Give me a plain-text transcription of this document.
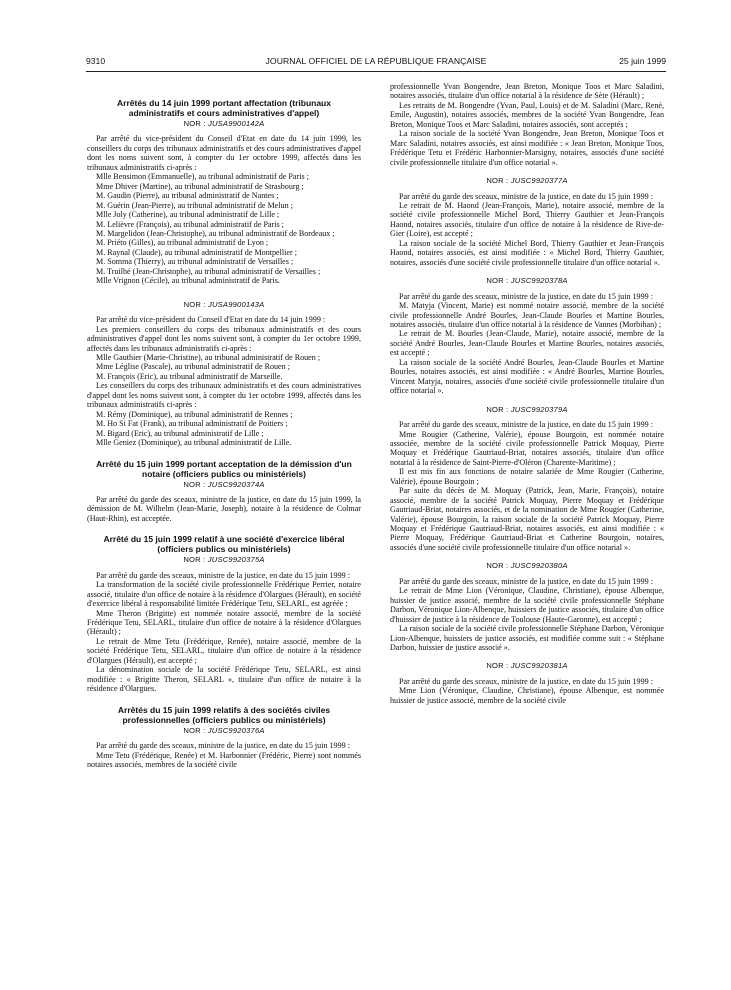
9310	JOURNAL OFFICIEL DE LA RÉPUBLIQUE FRANÇAISE	25 juin 1999
Arrêtés du 14 juin 1999 portant affectation (tribunaux administratifs et cours administratives d'appel)
NOR : JUSA9900142A

Par arrêté du vice-président du Conseil d'Etat en date du 14 juin 1999, les conseillers du corps des tribunaux administratifs et des cours administratives d'appel dont les noms suivent sont, à compter du 1er octobre 1999, affectés dans les tribunaux administratifs ci-après :

Mlle Bensimon (Emmanuelle), au tribunal administratif de Paris ;

Mme Dhiver (Martine), au tribunal administratif de Strasbourg ;

M. Gaudin (Pierre), au tribunal administratif de Nantes ;

M. Guérin (Jean-Pierre), au tribunal administratif de Melun ;

Mlle Joly (Catherine), au tribunal administratif de Lille ;

M. Lelièvre (François), au tribunal administratif de Paris ;

M. Margelidon (Jean-Christophe), au tribunal administratif de Bordeaux ;

M. Priéto (Gilles), au tribunal administratif de Lyon ;

M. Raynal (Claude), au tribunal administratif de Montpellier ;

M. Somma (Thierry), au tribunal administratif de Versailles ;

M. Truilhé (Jean-Christophe), au tribunal administratif de Versailles ;

Mlle Vrignon (Cécile), au tribunal administratif de Paris.

NOR : JUSA9900143A

Par arrêté du vice-président du Conseil d'Etat en date du 14 juin 1999 :

Les premiers conseillers du corps des tribunaux administratifs et des cours administratives d'appel dont les noms suivent sont, à compter du 1er octobre 1999, affectés dans les tribunaux administratifs ci-après :

Mlle Gauthier (Marie-Christine), au tribunal administratif de Rouen ;

Mme Léglise (Pascale), au tribunal administratif de Rouen ;

M. François (Eric), au tribunal administratif de Marseille.

Les conseillers du corps des tribunaux administratifs et des cours administratives d'appel dont les noms suivent sont, à compter du 1er octobre 1999, affectés dans les tribunaux administratifs ci-après :

M. Rémy (Dominique), au tribunal administratif de Rennes ;

M. Ho Si Fat (Frank), au tribunal administratif de Poitiers ;

M. Bigard (Eric), au tribunal administratif de Lille ;

Mlle Geniez (Dominique), au tribunal administratif de Lille.

Arrêté du 15 juin 1999 portant acceptation de la démission d'un notaire (officiers publics ou ministériels)
NOR : JUSC9920374A

Par arrêté du garde des sceaux, ministre de la justice, en date du 15 juin 1999, la démission de M. Wilhelm (Jean-Marie, Joseph), notaire à la résidence de Colmar (Haut-Rhin), est acceptée.

Arrêté du 15 juin 1999 relatif à une société d'exercice libéral (officiers publics ou ministériels)
NOR : JUSC9920375A

Par arrêté du garde des sceaux, ministre de la justice, en date du 15 juin 1999 :

La transformation de la société civile professionnelle Frédérique Perrier, notaire associé, titulaire d'un office de notaire à la résidence d'Olargues (Hérault), en société d'exercice libéral à responsabilité limitée Frédérique Tetu, SELARL, est agréée ;

Mme Theron (Brigitte) est nommée notaire associé, membre de la société Frédérique Tetu, SELARL, titulaire d'un office de notaire à la résidence d'Olargues (Hérault) ;

Le retrait de Mme Tetu (Frédérique, Renée), notaire associé, membre de la société Frédérique Tetu, SELARL, titulaire d'un office de notaire à la résidence d'Olargues (Hérault), est accepté ;

La dénomination sociale de la société Frédérique Tetu, SELARL, est ainsi modifiée : « Brigitte Theron, SELARL », titulaire d'un office de notaire à la résidence d'Olargues.

Arrêtés du 15 juin 1999 relatifs à des sociétés civiles professionnelles (officiers publics ou ministériels)
NOR : JUSC9920376A

Par arrêté du garde des sceaux, ministre de la justice, en date du 15 juin 1999 :

Mme Tetu (Frédérique, Renée) et M. Harbonnier (Frédéric, Pierre) sont nommés notaires associés, membres de la société civile

professionnelle Yvan Bongendre, Jean Breton, Monique Toos et Marc Saladini, notaires associés, titulaire d'un office notarial à la résidence de Sète (Hérault) ;

Les retraits de M. Bongendre (Yvan, Paul, Louis) et de M. Saladini (Marc, René, Emile, Augustin), notaires associés, membres de la société Yvan Bongendre, Jean Breton, Monique Toos et Marc Saladini, notaires associés, sont acceptés ;

La raison sociale de la société Yvan Bongendre, Jean Breton, Monique Toos et Marc Saladini, notaires associés, est ainsi modifiée : « Jean Breton, Monique Toos, Frédérique Tetu et Frédéric Harbonnier-Marsigny, notaires, associés d'une société civile professionnelle titulaire d'un office notarial ».

NOR : JUSC9920377A

Par arrêté du garde des sceaux, ministre de la justice, en date du 15 juin 1999 :

Le retrait de M. Haond (Jean-François, Marie), notaire associé, membre de la société civile professionnelle Michel Bord, Thierry Gauthier et Jean-François Haond, notaires associés, titulaire d'un office de notaire à la résidence de Rive-de-Gier (Loire), est accepté ;

La raison sociale de la société Michel Bord, Thierry Gauthier et Jean-François Haond, notaires associés, est ainsi modifiée : « Michel Bord, Thierry Gauthier, notaires, associés d'une société civile professionnelle titulaire d'un office notarial ».

NOR : JUSC9920378A

Par arrêté du garde des sceaux, ministre de la justice, en date du 15 juin 1999 :

M. Matyja (Vincent, Marie) est nommé notaire associé, membre de la société civile professionnelle André Bourles, Jean-Claude Bourles et Martine Bourles, notaires associés, titulaire d'un office notarial à la résidence de Vannes (Morbihan) ;

Le retrait de M. Bourles (Jean-Claude, Marie), notaire associé, membre de la société André Bourles, Jean-Claude Bourles et Martine Bourles, notaires associés, est accepté ;

La raison sociale de la société André Bourles, Jean-Claude Bourles et Martine Bourles, notaires associés, est ainsi modifiée : « André Bourles, Martine Bourles, Vincent Matyja, notaires, associés d'une société civile professionnelle titulaire d'un office notarial ».

NOR : JUSC9920379A

Par arrêté du garde des sceaux, ministre de la justice, en date du 15 juin 1999 :

Mme Rougier (Catherine, Valérie), épouse Bourgoin, est nommée notaire associée, membre de la société civile professionnelle Patrick Moquay, Pierre Moquay et Frédérique Gautriaud-Briat, notaires associés, titulaire d'un office notarial à la résidence de Saint-Pierre-d'Oléron (Charente-Maritime) ;

Il est mis fin aux fonctions de notaire salariée de Mme Rougier (Catherine, Valérie), épouse Bourgoin ;

Par suite du décès de M. Moquay (Patrick, Jean, Marie, François), notaire associé, membre de la société Patrick Moquay, Pierre Moquay et Frédérique Gautriaud-Briat, notaires associés, et de la nomination de Mme Rougier (Catherine, Valérie), épouse Bourgoin, la raison sociale de la société Patrick Moquay, Pierre Moquay et Frédérique Gautriaud-Briat, notaires associés, est ainsi modifiée : « Pierre Moquay, Frédérique Gautriaud-Briat et Catherine Bourgoin, notaires, associés d'une société civile professionnelle titulaire d'un office notarial ».

NOR : JUSC9920380A

Par arrêté du garde des sceaux, ministre de la justice, en date du 15 juin 1999 :

Le retrait de Mme Lion (Véronique, Claudine, Christiane), épouse Albenque, huissier de justice associé, membre de la société civile professionnelle Stéphane Darbon, Véronique Lion-Albenque, huissiers de justice associés, titulaire d'un office d'huissier de justice à la résidence de Toulouse (Haute-Garonne), est accepté ;

La raison sociale de la société civile professionnelle Stéphane Darbon, Véronique Lion-Albenque, huissiers de justice associés, est modifiée comme suit : « Stéphane Darbon, huissier de justice associé ».

NOR : JUSC9920381A

Par arrêté du garde des sceaux, ministre de la justice, en date du 15 juin 1999 :

Mme Lion (Véronique, Claudine, Christiane), épouse Albenque, est nommée huissier de justice associé, membre de la société civile
